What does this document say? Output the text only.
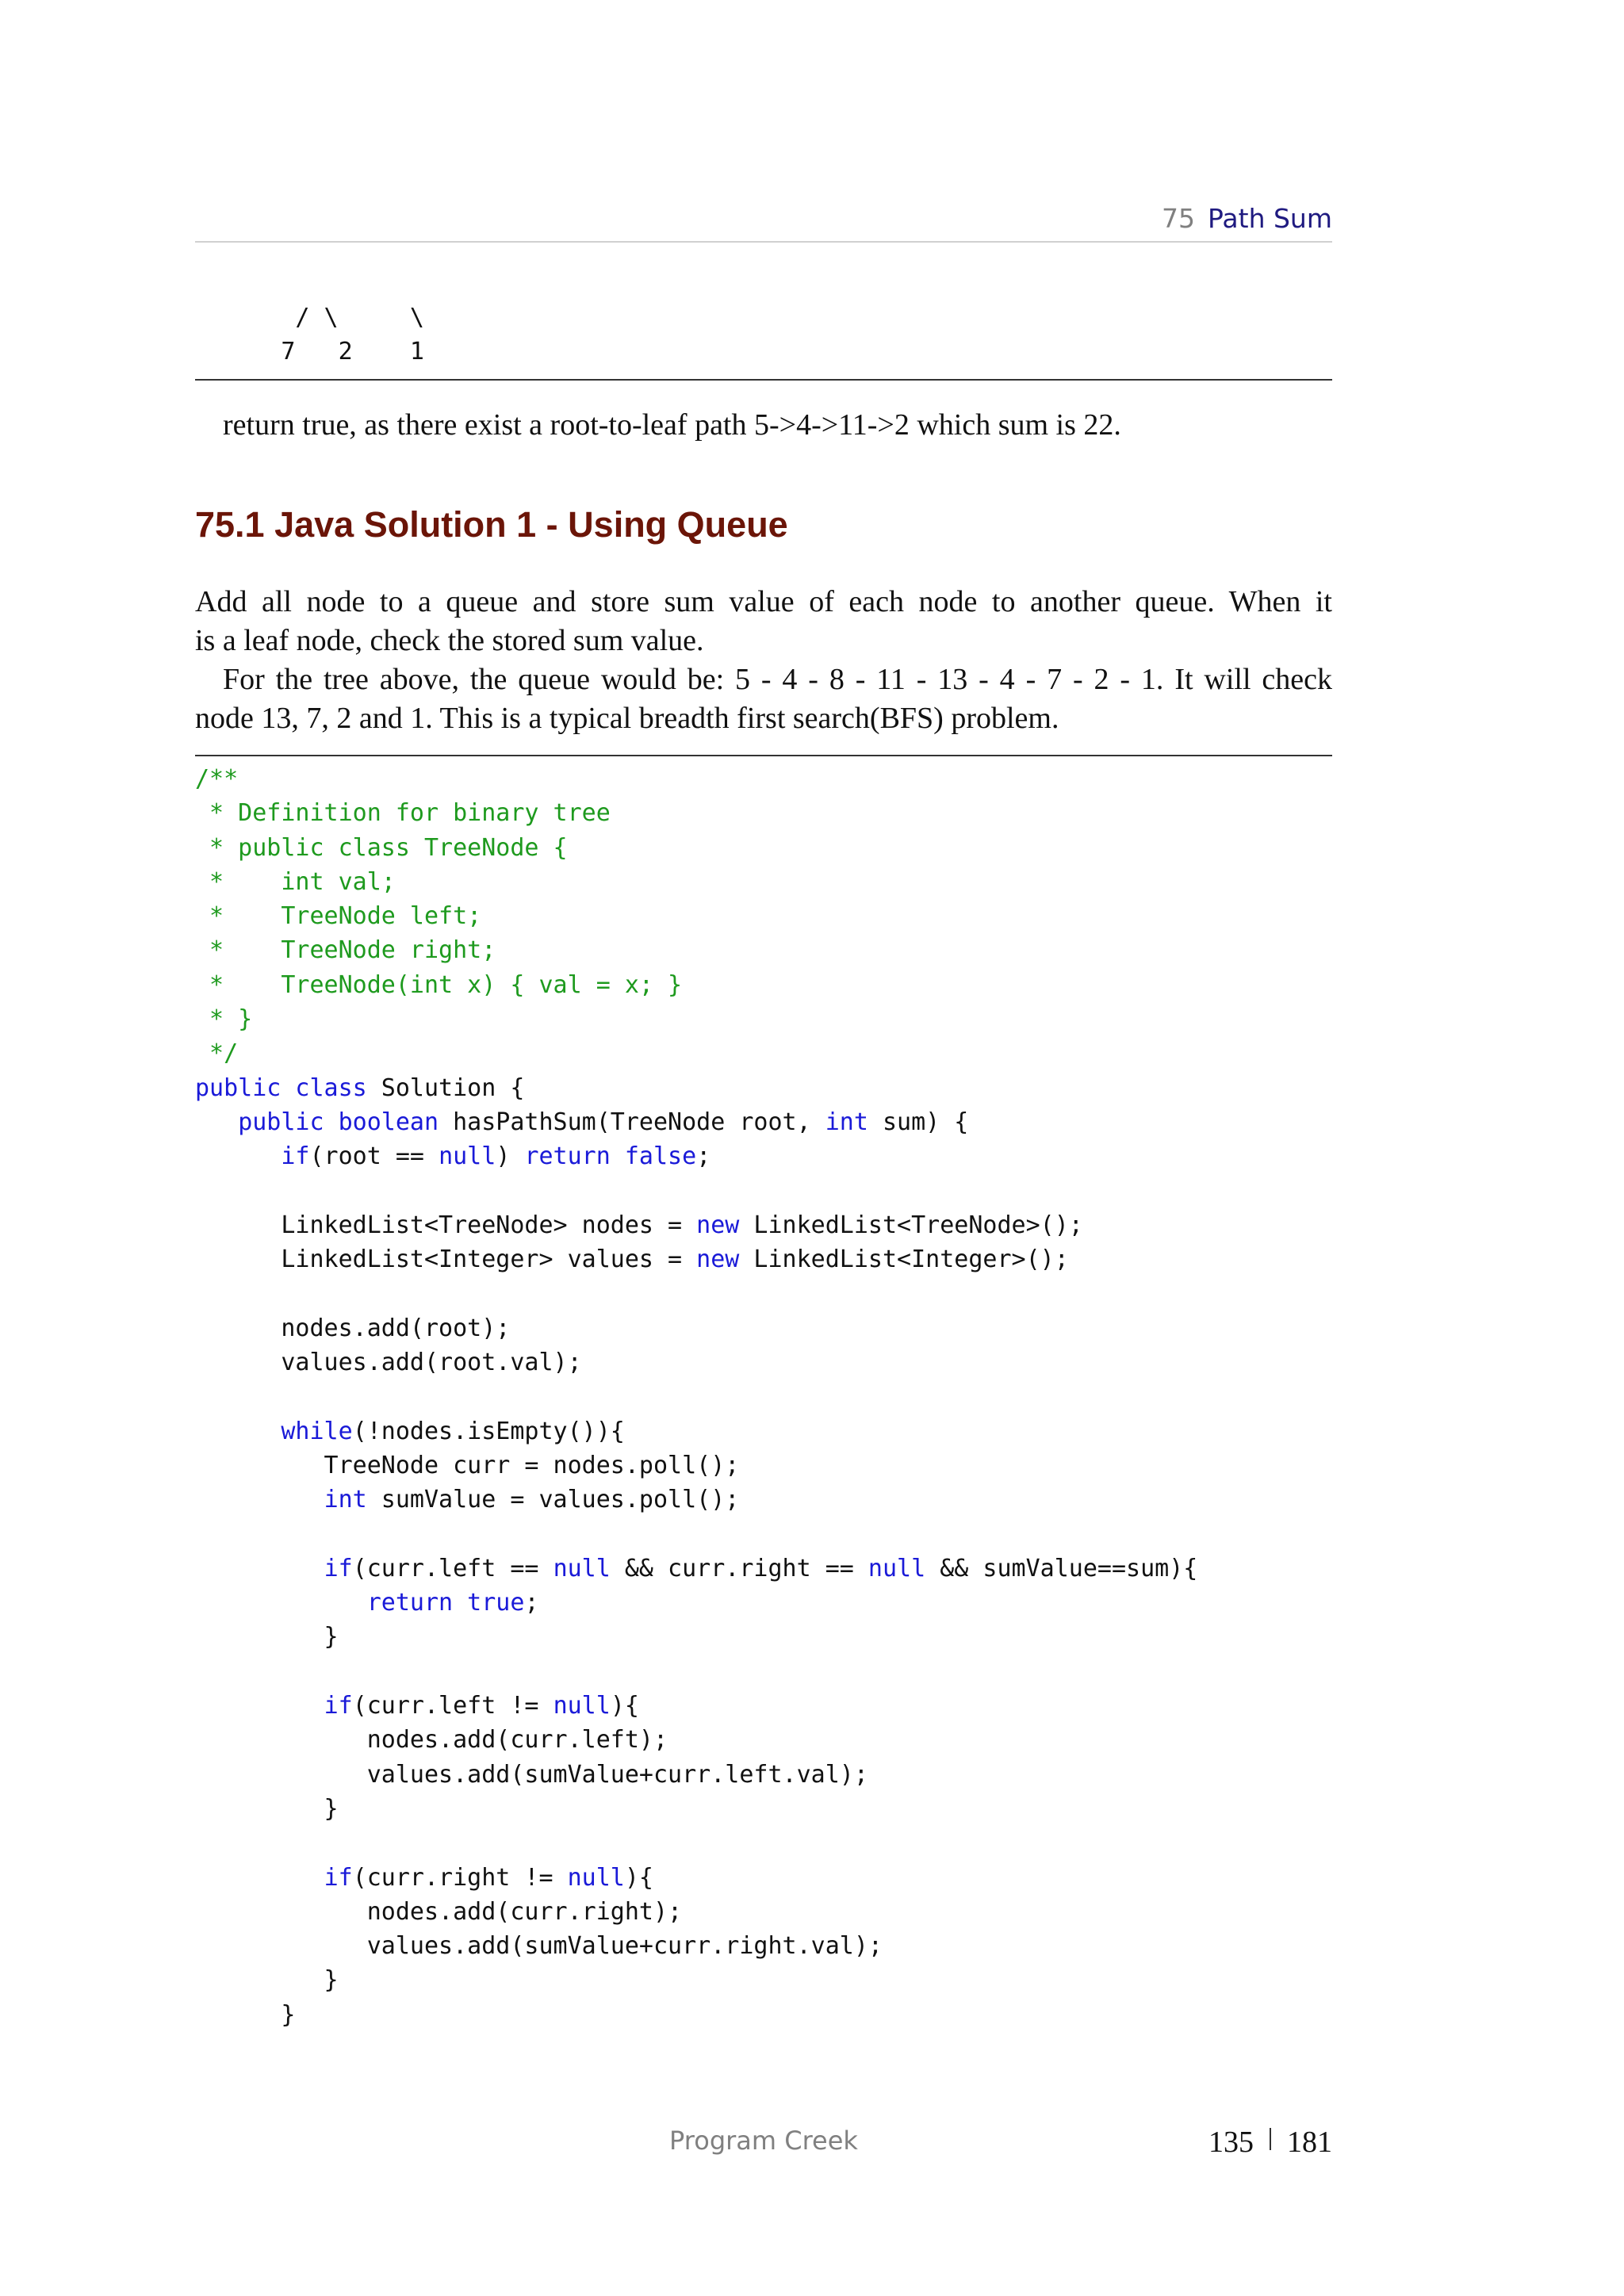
75 Path Sum
/ \     \
7   2    1
return true, as there exist a root-to-leaf path 5->4->11->2 which sum is 22.
75.1 Java Solution 1 - Using Queue
Add all node to a queue and store sum value of each node to another queue. When it
is a leaf node, check the stored sum value.
For the tree above, the queue would be: 5 - 4 - 8 - 11 - 13 - 4 - 7 - 2 - 1. It will check
node 13, 7, 2 and 1. This is a typical breadth first search(BFS) problem.
/**
* Definition for binary tree
* public class TreeNode {
*    int val;
*    TreeNode left;
*    TreeNode right;
*    TreeNode(int x) { val = x; }
* }
*/
public class Solution {
public boolean hasPathSum(TreeNode root, int sum) {
if(root == null) return false;

LinkedList<TreeNode> nodes = new LinkedList<TreeNode>();
LinkedList<Integer> values = new LinkedList<Integer>();

nodes.add(root);
values.add(root.val);

while(!nodes.isEmpty()){
TreeNode curr = nodes.poll();
int sumValue = values.poll();

if(curr.left == null && curr.right == null && sumValue==sum){
return true;
}

if(curr.left != null){
nodes.add(curr.left);
values.add(sumValue+curr.left.val);
}

if(curr.right != null){
nodes.add(curr.right);
values.add(sumValue+curr.right.val);
}
}
Program Creek	135 181
